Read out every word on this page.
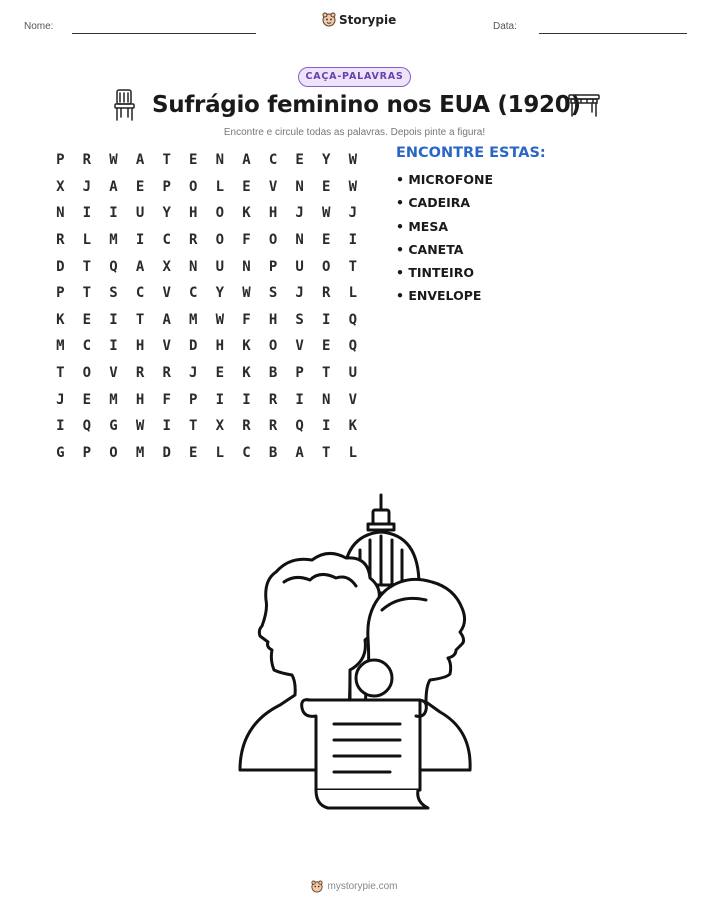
Nome:	Storypie	Data:
CAÇA-PALAVRAS
Sufrágio feminino nos EUA (1920)
Encontre e circule todas as palavras. Depois pinte a figura!
P	R	W	A	T	E	N	A	C	E	Y	W
X	J	A	E	P	O	L	E	V	N	E	W
N	I	I	U	Y	H	O	K	H	J	W	J
R	L	M	I	C	R	O	F	O	N	E	I
D	T	Q	A	X	N	U	N	P	U	O	T
P	T	S	C	V	C	Y	W	S	J	R	L
K	E	I	T	A	M	W	F	H	S	I	Q
M	C	I	H	V	D	H	K	O	V	E	Q
T	O	V	R	R	J	E	K	B	P	T	U
J	E	M	H	F	P	I	I	R	I	N	V
I	Q	G	W	I	T	X	R	R	Q	I	K
G	P	O	M	D	E	L	C	B	A	T	L
ENCONTRE ESTAS:
• MICROFONE
• CADEIRA
• MESA
• CANETA
• TINTEIRO
• ENVELOPE
mystorypie.com
